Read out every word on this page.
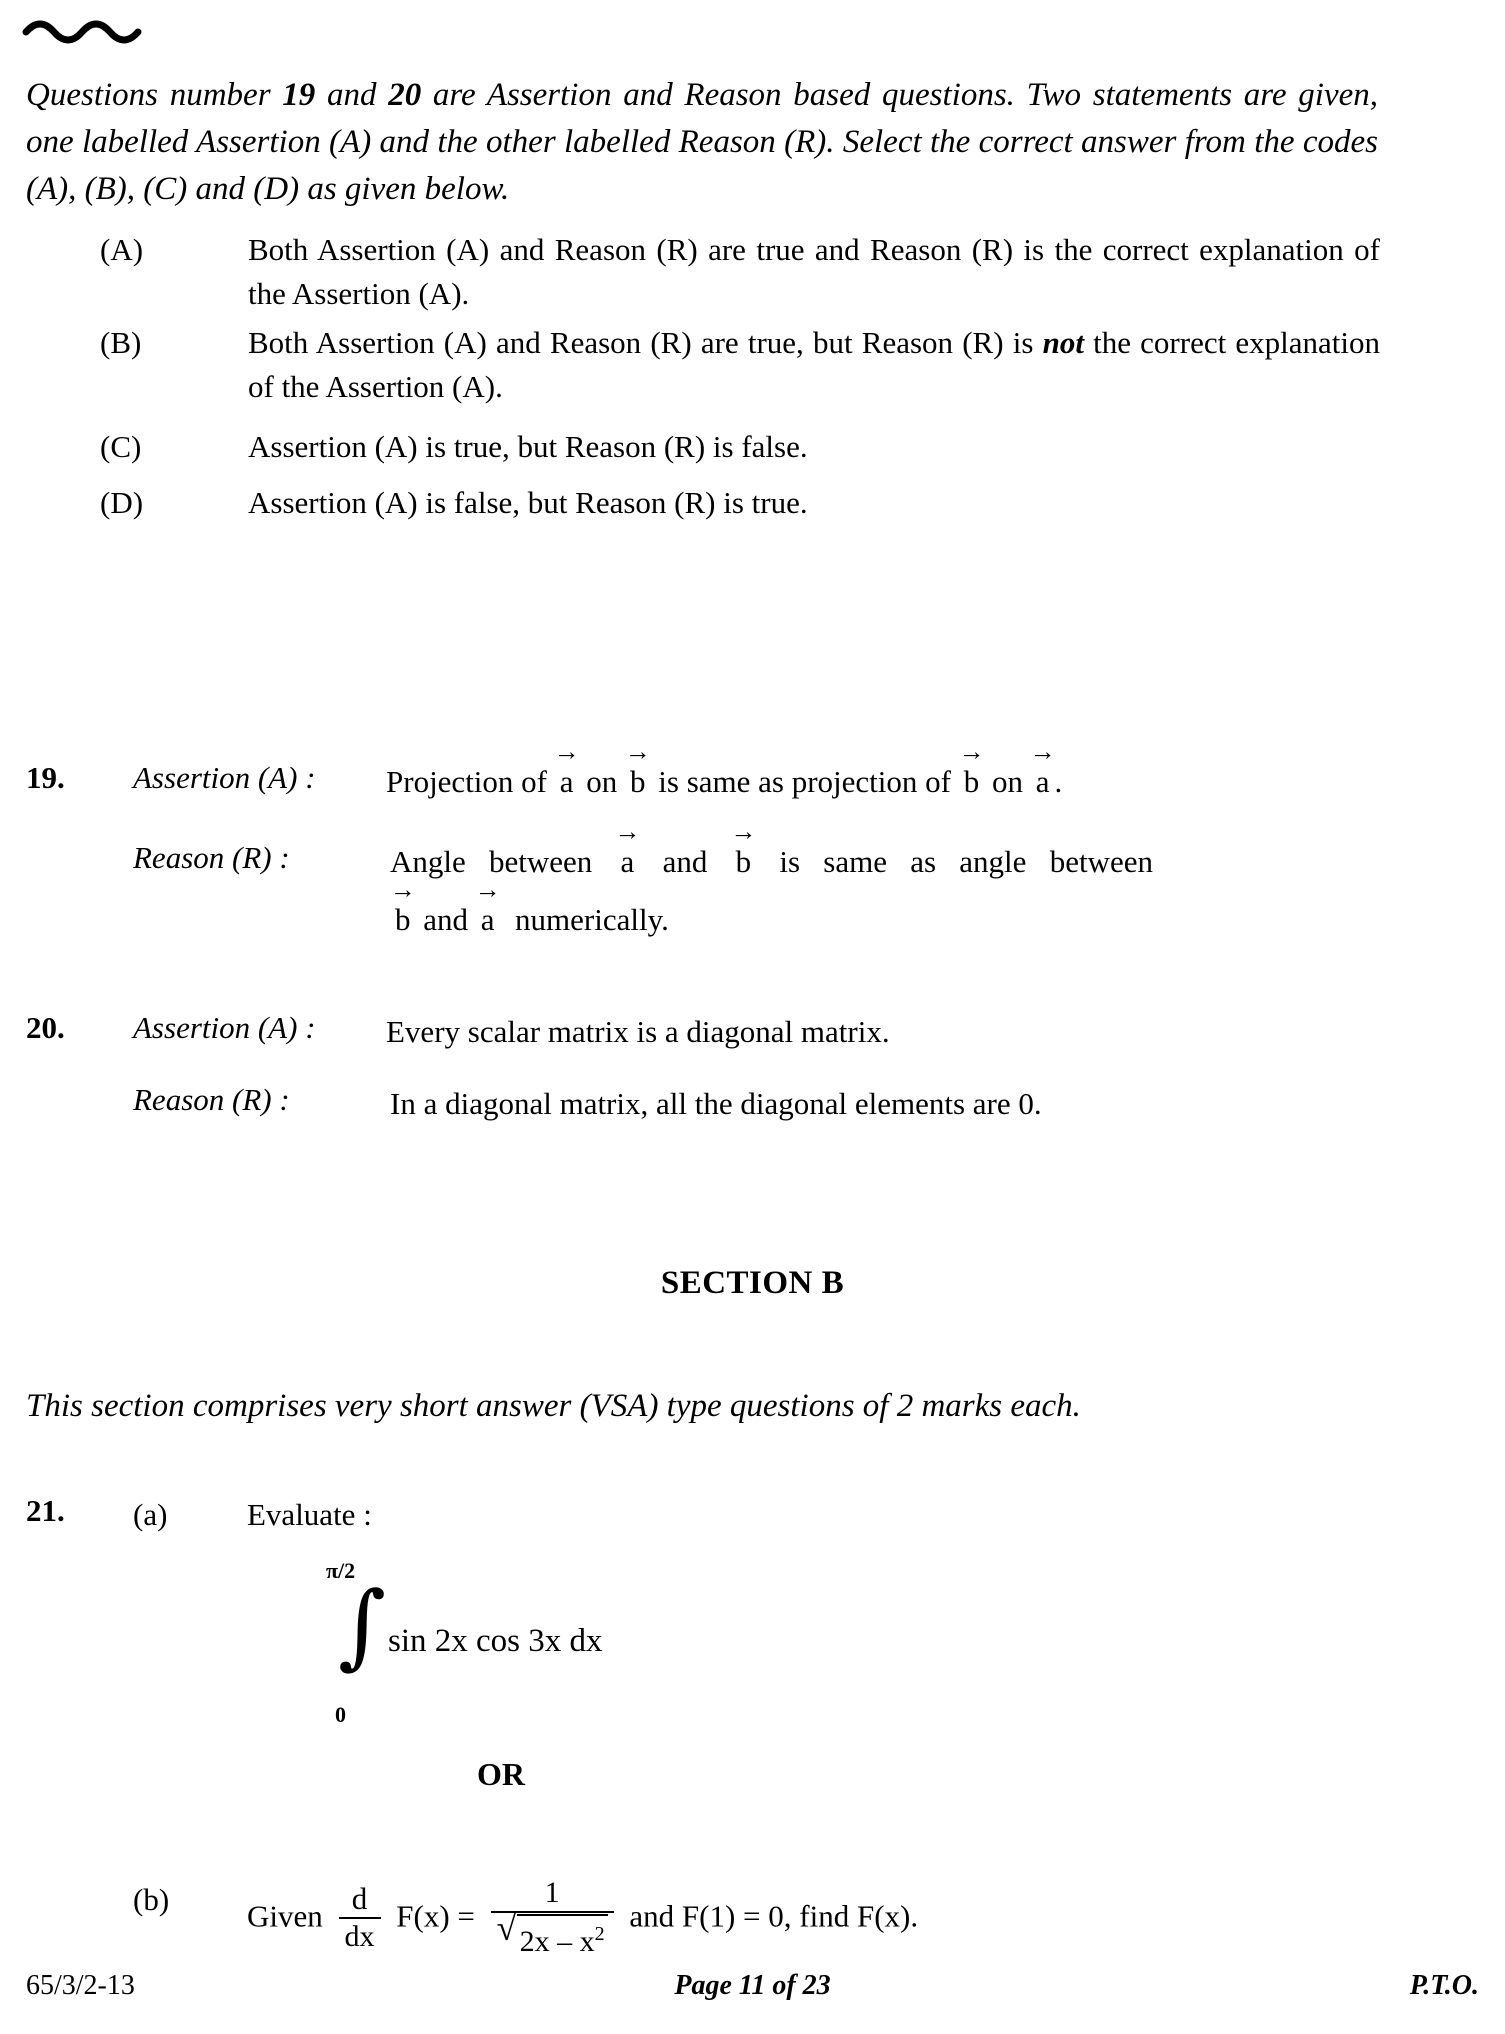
Questions number 19 and 20 are Assertion and Reason based questions. Two statements are given, one labelled Assertion (A) and the other labelled Reason (R). Select the correct answer from the codes (A), (B), (C) and (D) as given below.
(A)	Both Assertion (A) and Reason (R) are true and Reason (R) is the correct explanation of the Assertion (A).
(B)	Both Assertion (A) and Reason (R) are true, but Reason (R) is not the correct explanation of the Assertion (A).
(C)	Assertion (A) is true, but Reason (R) is false.
(D)	Assertion (A) is false, but Reason (R) is true.
19. Assertion (A) : Projection of
→
a on
→
b is same as projection of
→
b on
→
a .
Reason (R) :	Angle between
→
a and
→
b is same as angle between
→
b and
→
a numerically.
20. Assertion (A) : Every scalar matrix is a diagonal matrix.
Reason (R) :	In a diagonal matrix, all the diagonal elements are 0.
SECTION B
This section comprises very short answer (VSA) type questions of 2 marks each.
21. (a)	Evaluate :
π/2
∫
0
sin 2x cos 3x dx
OR
(b)	Given $\frac{d}{dx} F(x) = \frac{1}{√ 2x - x^2}$ and F(1) = 0, find F(x).
65/3/2-13	Page 11 of 23	P.T.O.
